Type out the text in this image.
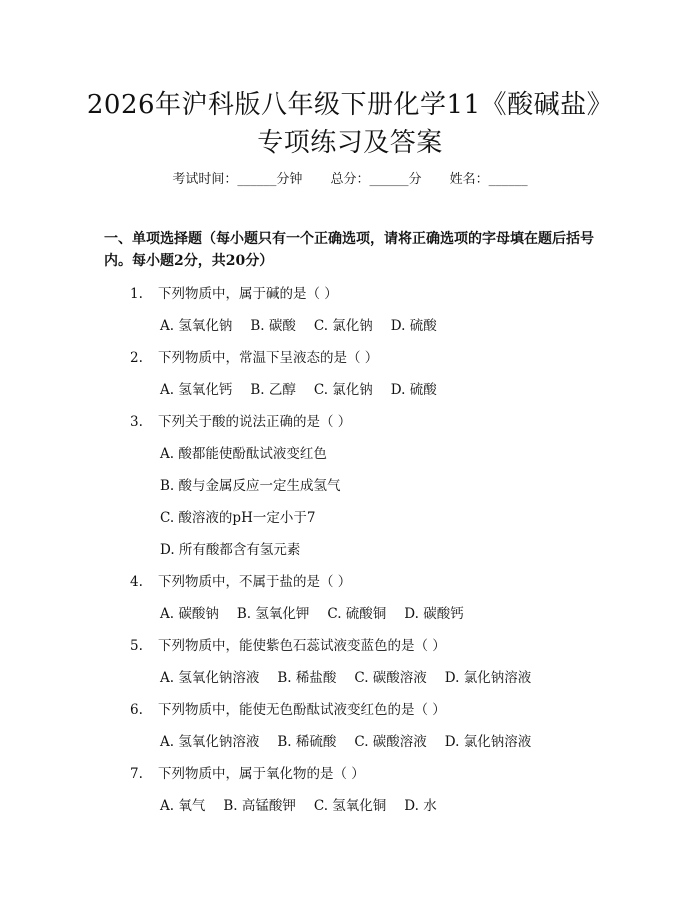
2026年沪科版八年级下册化学11《酸碱盐》
专项练习及答案
考试时间：______分钟 总分：______分 姓名：______
一、单项选择题（每小题只有一个正确选项，请将正确选项的字母填在题后括号内。每小题2分，共20分）
1. 下列物质中，属于碱的是（ ）
A. 氢氧化钠 B. 碳酸 C. 氯化钠 D. 硫酸
2. 下列物质中，常温下呈液态的是（ ）
A. 氢氧化钙 B. 乙醇 C. 氯化钠 D. 硫酸
3. 下列关于酸的说法正确的是（ ）
A. 酸都能使酚酞试液变红色
B. 酸与金属反应一定生成氢气
C. 酸溶液的pH一定小于7
D. 所有酸都含有氢元素
4. 下列物质中，不属于盐的是（ ）
A. 碳酸钠 B. 氢氧化钾 C. 硫酸铜 D. 碳酸钙
5. 下列物质中，能使紫色石蕊试液变蓝色的是（ ）
A. 氢氧化钠溶液 B. 稀盐酸 C. 碳酸溶液 D. 氯化钠溶液
6. 下列物质中，能使无色酚酞试液变红色的是（ ）
A. 氢氧化钠溶液 B. 稀硫酸 C. 碳酸溶液 D. 氯化钠溶液
7. 下列物质中，属于氧化物的是（ ）
A. 氧气 B. 高锰酸钾 C. 氢氧化铜 D. 水
